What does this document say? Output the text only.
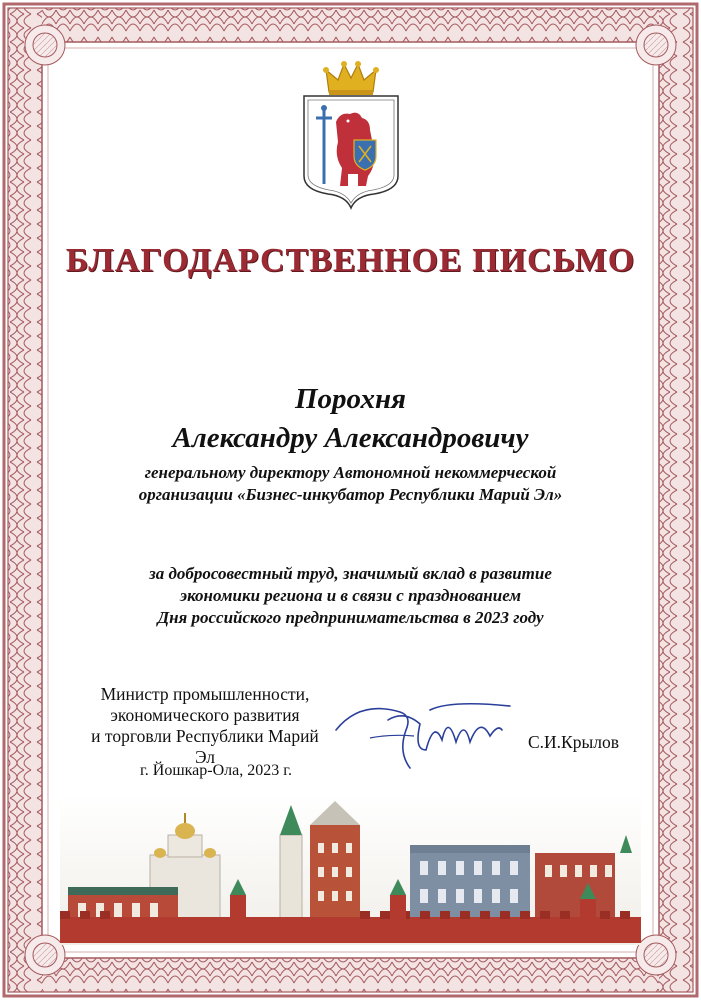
БЛАГОДАРСТВЕННОЕ ПИСЬМО
Порохня
Александру Александровичу
генеральному директору Автономной некоммерческой
организации «Бизнес-инкубатор Республики Марий Эл»
за добросовестный труд, значимый вклад в развитие
экономики региона и в связи с празднованием
Дня российского предпринимательства в 2023 году
Министр промышленности,
экономического развития
и торговли Республики Марий Эл
С.И.Крылов
г. Йошкар-Ола, 2023 г.
